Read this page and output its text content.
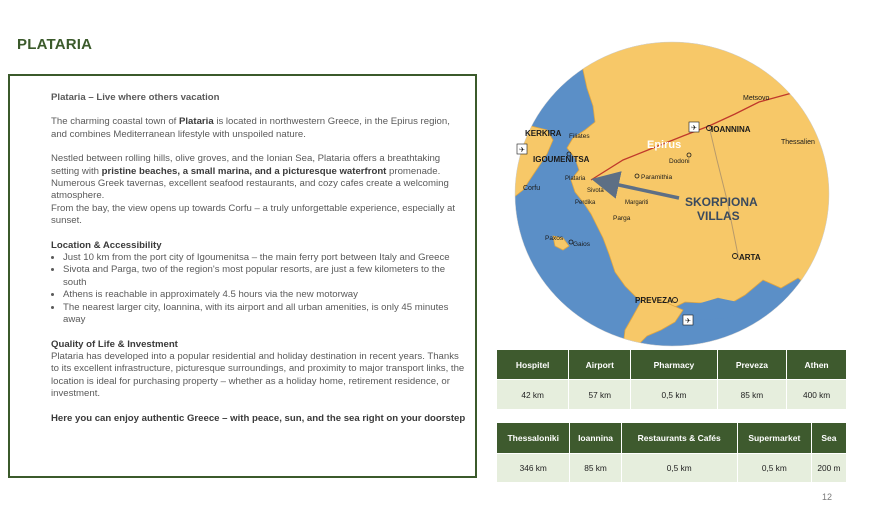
PLATARIA

Plataria – Live where others vacation

The charming coastal town of Plataria is located in northwestern Greece, in the Epirus region, and combines Mediterranean lifestyle with unspoiled nature.

Nestled between rolling hills, olive groves, and the Ionian Sea, Plataria offers a breathtaking setting with pristine beaches, a small marina, and a picturesque waterfront promenade. Numerous Greek tavernas, excellent seafood restaurants, and cozy cafes create a welcoming atmosphere.

From the bay, the view opens up towards Corfu – a truly unforgettable experience, especially at sunset.

Location & Accessibility

• Just 10 km from the port city of Igoumenitsa – the main ferry port between Italy and Greece
• Sivota and Parga, two of the region's most popular resorts, are just a few kilometers to the south
• Athens is reachable in approximately 4.5 hours via the new motorway
• The nearest larger city, Ioannina, with its airport and all urban amenities, is only 45 minutes away

Quality of Life & Investment

Plataria has developed into a popular residential and holiday destination in recent years. Thanks to its excellent infrastructure, picturesque surroundings, and proximity to major transport links, the location is ideal for purchasing property – whether as a holiday home, retirement residence, or investment.

Here you can enjoy authentic Greece – with peace, sun, and the sea right on your doorstep

KERKIRA Filiates
IGOUMENITSA
Corfu
Plataria
Sivota
Perdika
Paramithia
Margariti
Parga
Paxos
Gaios
Epirus
Dodoni
IOANNINA
Metsovo
Thessalien
SKORPIONA
VILLAS
ARTA
PREVEZA
✈
✈
✈
Hospitel	Airport	Pharmacy	Preveza	Athen
42 km	57 km	0,5 km	85 km	400 km
Thessaloniki	Ioannina	Restaurants & Cafés	Supermarket	Sea
346 km	85 km	0,5 km	0,5 km	200 m
12
